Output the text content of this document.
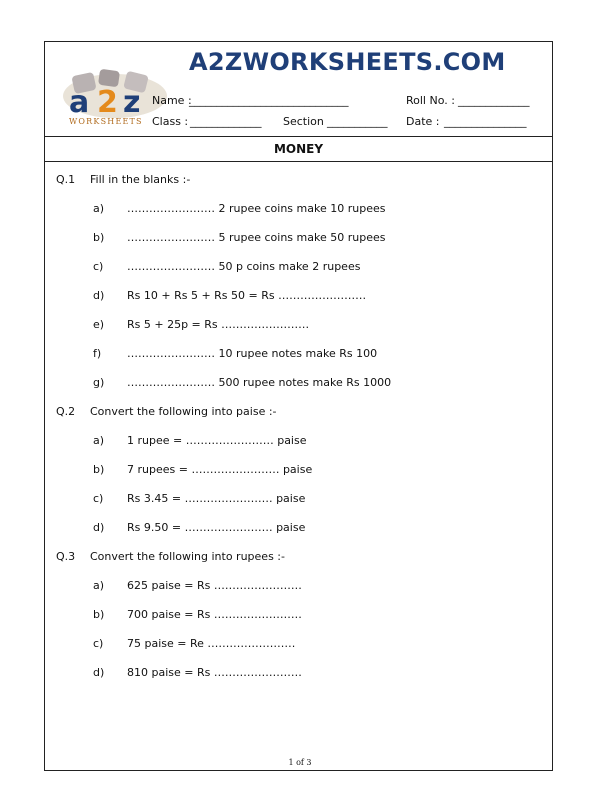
a 2 z
WORKSHEETS
A2ZWORKSHEETS.COM
Name :
_____________________________	Roll No. : _____________
Class : _____________ Section ___________ Date : _______________
MONEY
Q.1 Fill in the blanks :-
a) …………………… 2 rupee coins make 10 rupees
b) …………………… 5 rupee coins make 50 rupees
c) …………………… 50 p coins make 2 rupees
d) Rs 10 + Rs 5 + Rs 50 = Rs ……………………
e) Rs 5 + 25p = Rs ……………………
f) …………………… 10 rupee notes make Rs 100
g) …………………… 500 rupee notes make Rs 1000
Q.2 Convert the following into paise :-
a) 1 rupee = …………………… paise
b) 7 rupees = …………………… paise
c) Rs 3.45 = …………………… paise
d) Rs 9.50 = …………………… paise
Q.3 Convert the following into rupees :-
a) 625 paise = Rs ……………………
b) 700 paise = Rs ……………………
c) 75 paise = Re ……………………
d) 810 paise = Rs ……………………
1 of 3
